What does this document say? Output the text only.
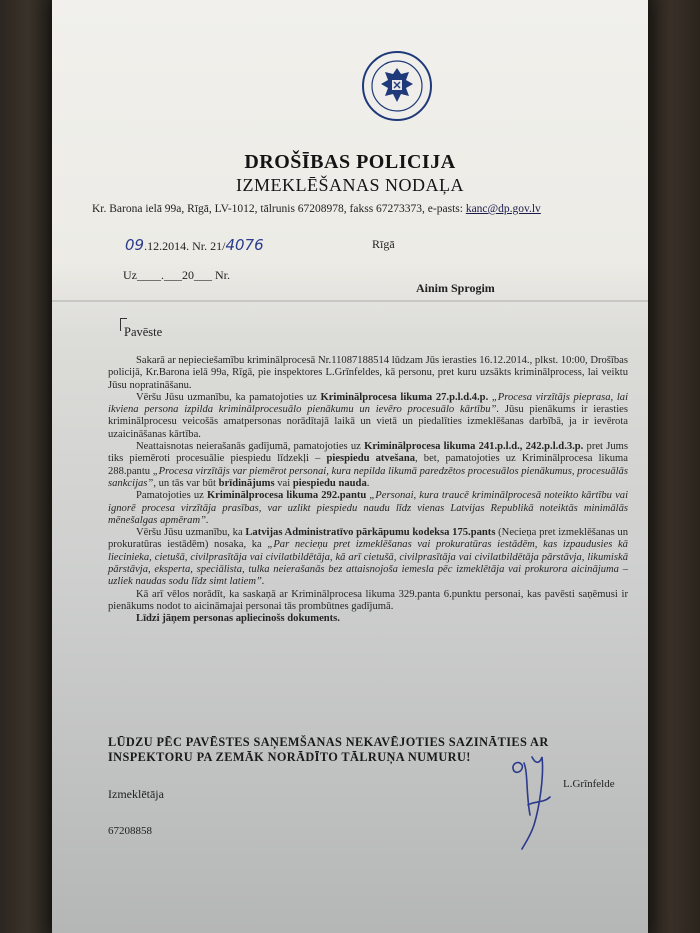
DROŠĪBAS POLICIJA
IZMEKLĒŠANAS NODAĻA
Kr. Barona ielā 99a, Rīgā, LV-1012, tālrunis 67208978, fakss 67273373, e-pasts: kanc@dp.gov.lv
09.12.2014. Nr. 21/4076	Rīgā
Uz____.___20___ Nr.
Ainim Sprogim
Pavēste

Sakarā ar nepieciešamību kriminālprocesā Nr.11087188514 lūdzam Jūs ierasties 16.12.2014., plkst. 10:00, Drošības policijā, Kr.Barona ielā 99a, Rīgā, pie inspektores L.Grīnfeldes, kā personu, pret kuru uzsākts kriminālprocess, lai veiktu Jūsu nopratināšanu.

Vēršu Jūsu uzmanību, ka pamatojoties uz Kriminālprocesa likuma 27.p.l.d.4.p. „Procesa virzītājs pieprasa, lai ikviena persona izpilda kriminālprocesuālo pienākumu un ievēro procesuālo kārtību”. Jūsu pienākums ir ierasties kriminālprocesu veicošās amatpersonas norādītajā laikā un vietā un piedalīties izmeklēšanas darbībā, ja ir ievērota uzaicināšanas kārtība.

Neattaisnotas neierašanās gadījumā, pamatojoties uz Kriminālprocesa likuma 241.p.l.d., 242.p.l.d.3.p. pret Jums tiks piemēroti procesuālie piespiedu līdzekļi – piespiedu atvešana, bet, pamatojoties uz Kriminālprocesa likuma 288.pantu „Procesa virzītājs var piemērot personai, kura nepilda likumā paredzētos procesuālos pienākumus, procesuālās sankcijas”, un tās var būt brīdinājums vai piespiedu nauda.

Pamatojoties uz Kriminālprocesa likuma 292.pantu „Personai, kura traucē kriminālprocesā noteikto kārtību vai ignorē procesa virzītāja prasības, var uzlikt piespiedu naudu līdz vienas Latvijas Republikā noteiktās minimālās mēnešalgas apmēram”.

Vēršu Jūsu uzmanību, ka Latvijas Administratīvo pārkāpumu kodeksa 175.pants (Necieņa pret izmeklēšanas un prokuratūras iestādēm) nosaka, ka „Par necieņu pret izmeklēšanas vai prokuratūras iestādēm, kas izpaudusies kā liecinieka, cietušā, civilprasītāja vai civilatbildētāja, kā arī cietušā, civilprasītāja vai civilatbildētāja pārstāvja, likumiskā pārstāvja, eksperta, speciālista, tulka neierašanās bez attaisnojoša iemesla pēc izmeklētāja vai prokurora aicinājuma – uzliek naudas sodu līdz simt latiem”.

Kā arī vēlos norādīt, ka saskaņā ar Kriminālprocesa likuma 329.panta 6.punktu personai, kas pavēsti saņēmusi ir pienākums nodot to aicināmajai personai tās prombūtnes gadījumā.

Līdzi jāņem personas apliecinošs dokuments.

LŪDZU PĒC PAVĒSTES SAŅEMŠANAS NEKAVĒJOTIES SAZINĀTIES AR INSPEKTORU PA ZEMĀK NORĀDĪTO TĀLRUŅA NUMURU!
Izmeklētāja
L.Grīnfelde
67208858
